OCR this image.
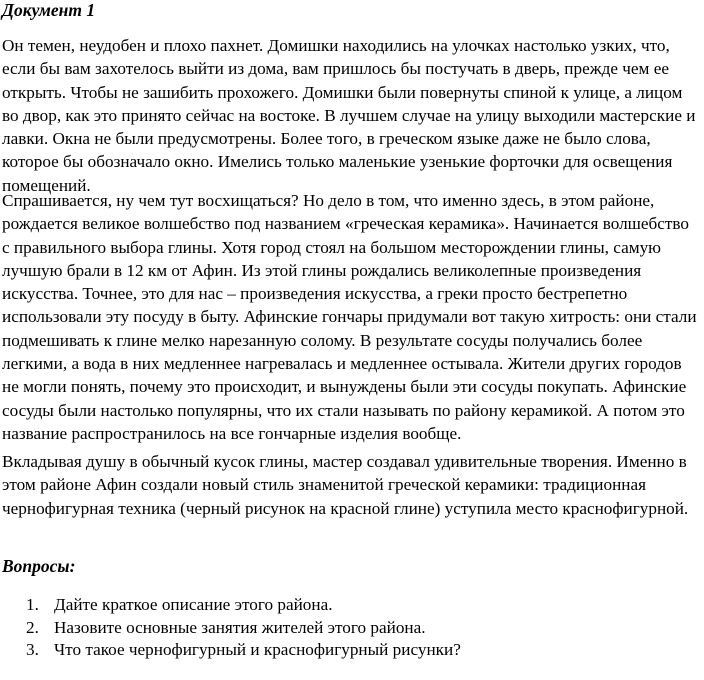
Документ 1

Он темен, неудобен и плохо пахнет. Домишки находились на улочках настолько узких, что, если бы вам захотелось выйти из дома, вам пришлось бы постучать в дверь, прежде чем ее открыть. Чтобы не зашибить прохожего. Домишки были повернуты спиной к улице, а лицом во двор, как это принято сейчас на востоке. В лучшем случае на улицу выходили мастерские и лавки. Окна не были предусмотрены. Более того, в греческом языке даже не было слова, которое бы обозначало окно. Имелись только маленькие узенькие форточки для освещения помещений.

Спрашивается, ну чем тут восхищаться? Но дело в том, что именно здесь, в этом районе, рождается великое волшебство под названием «греческая керамика». Начинается волшебство с правильного выбора глины. Хотя город стоял на большом месторождении глины, самую лучшую брали в 12 км от Афин. Из этой глины рождались великолепные произведения искусства. Точнее, это для нас – произведения искусства, а греки просто бестрепетно использовали эту посуду в быту. Афинские гончары придумали вот такую хитрость: они стали подмешивать к глине мелко нарезанную солому. В результате сосуды получались более легкими, а вода в них медленнее нагревалась и медленнее остывала. Жители других городов не могли понять, почему это происходит, и вынуждены были эти сосуды покупать. Афинские сосуды были настолько популярны, что их стали называть по району керамикой. А потом это название распространилось на все гончарные изделия вообще.

Вкладывая душу в обычный кусок глины, мастер создавал удивительные творения. Именно в этом районе Афин создали новый стиль знаменитой греческой керамики: традиционная чернофигурная техника (черный рисунок на красной глине) уступила место краснофигурной.

Вопросы:
1. Дайте краткое описание этого района.
2. Назовите основные занятия жителей этого района.
3. Что такое чернофигурный и краснофигурный рисунки?
